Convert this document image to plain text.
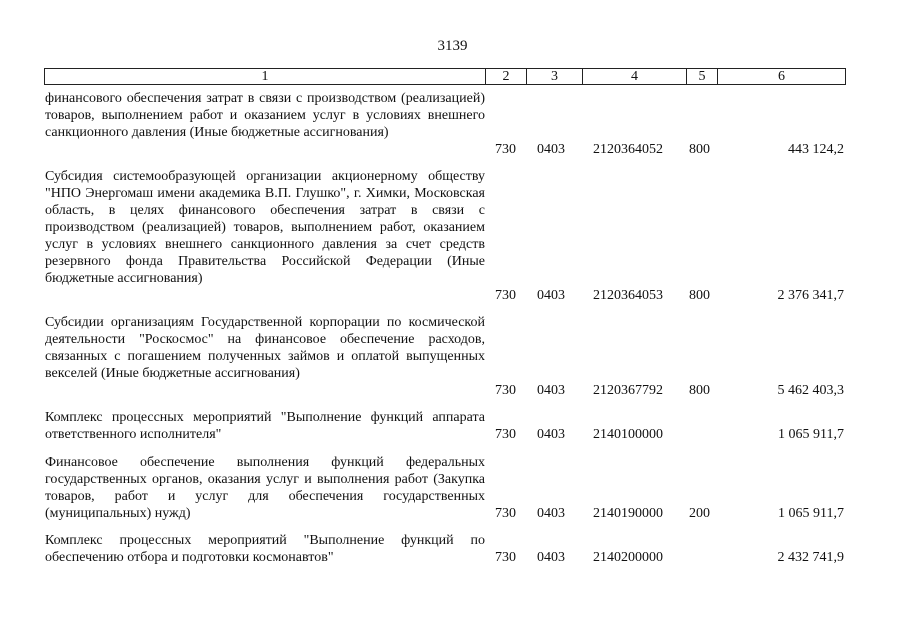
3139
1	2	3	4	5	6
финансового обеспечения затрат в связи с производством (реализацией) товаров, выполнением работ и оказанием услуг в условиях внешнего санкционного давления (Иные бюджетные ассигнования)
730 0403 2120364052 800	443 124,2
Субсидия системообразующей организации акционерному обществу "НПО Энергомаш имени академика В.П. Глушко", г. Химки, Московская область, в целях финансового обеспечения затрат в связи с производством (реализацией) товаров, выполнением работ, оказанием услуг в условиях внешнего санкционного давления за счет средств резервного фонда Правительства Российской Федерации (Иные бюджетные ассигнования)
730 0403 2120364053 800	2 376 341,7
Субсидии организациям Государственной корпорации по космической деятельности "Роскосмос" на финансовое обеспечение расходов, связанных с погашением полученных займов и оплатой выпущенных векселей (Иные бюджетные ассигнования)
730 0403 2120367792 800	5 462 403,3
Комплекс процессных мероприятий "Выполнение функций аппарата ответственного исполнителя"	730 0403 2140100000	1 065 911,7
Финансовое обеспечение выполнения функций федеральных государственных органов, оказания услуг и выполнения работ (Закупка товаров, работ и услуг для обеспечения государственных (муниципальных) нужд)	730 0403 2140190000 200	1 065 911,7
Комплекс процессных мероприятий "Выполнение функций по обеспечению отбора и подготовки космонавтов"	730 0403 2140200000	2 432 741,9
